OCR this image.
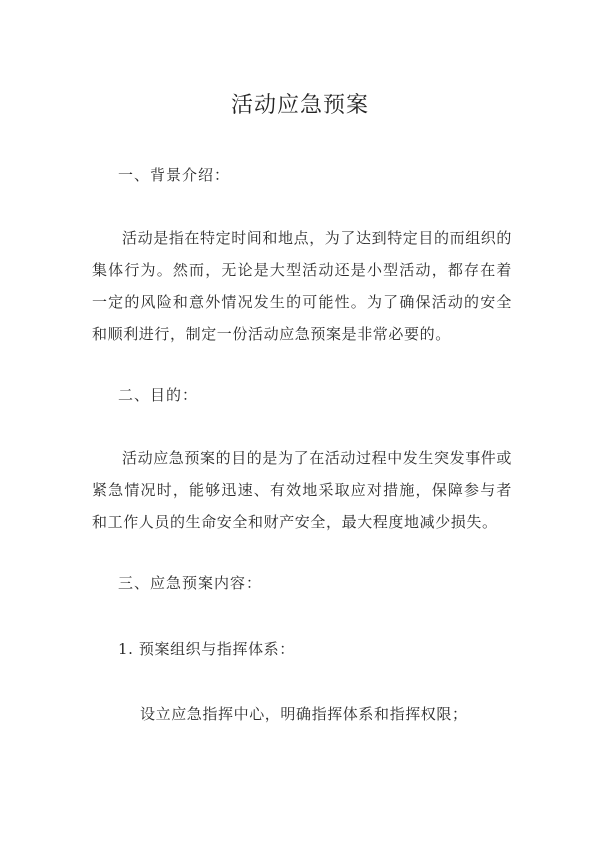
活动应急预案
一、背景介绍：
活动是指在特定时间和地点，为了达到特定目的而组织的集体行为。然而，无论是大型活动还是小型活动，都存在着一定的风险和意外情况发生的可能性。为了确保活动的安全和顺利进行，制定一份活动应急预案是非常必要的。
二、目的：
活动应急预案的目的是为了在活动过程中发生突发事件或紧急情况时，能够迅速、有效地采取应对措施，保障参与者和工作人员的生命安全和财产安全，最大程度地减少损失。
三、应急预案内容：
1. 预案组织与指挥体系：
设立应急指挥中心，明确指挥体系和指挥权限；
